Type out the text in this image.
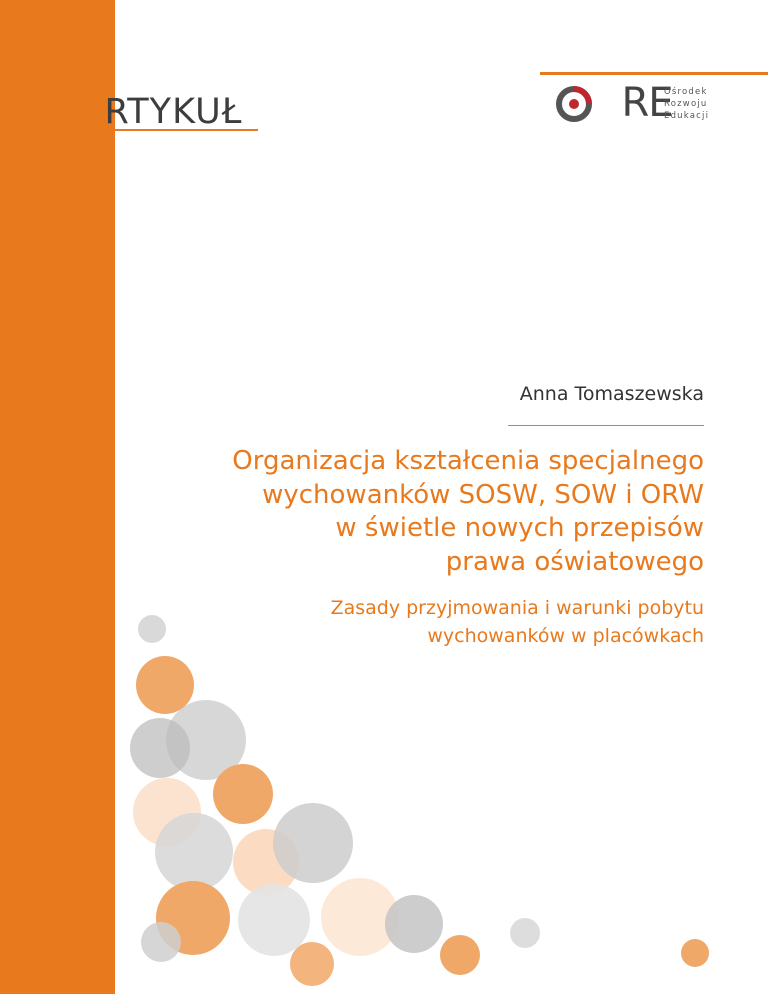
A
RTYKUŁ	RE
Ośrodek
Rozwoju
Edukacji
Anna Tomaszewska
Organizacja kształcenia specjalnego
wychowanków SOSW, SOW i ORW
w świetle nowych przepisów
prawa oświatowego
Zasady przyjmowania i warunki pobytu
wychowanków w placówkach
